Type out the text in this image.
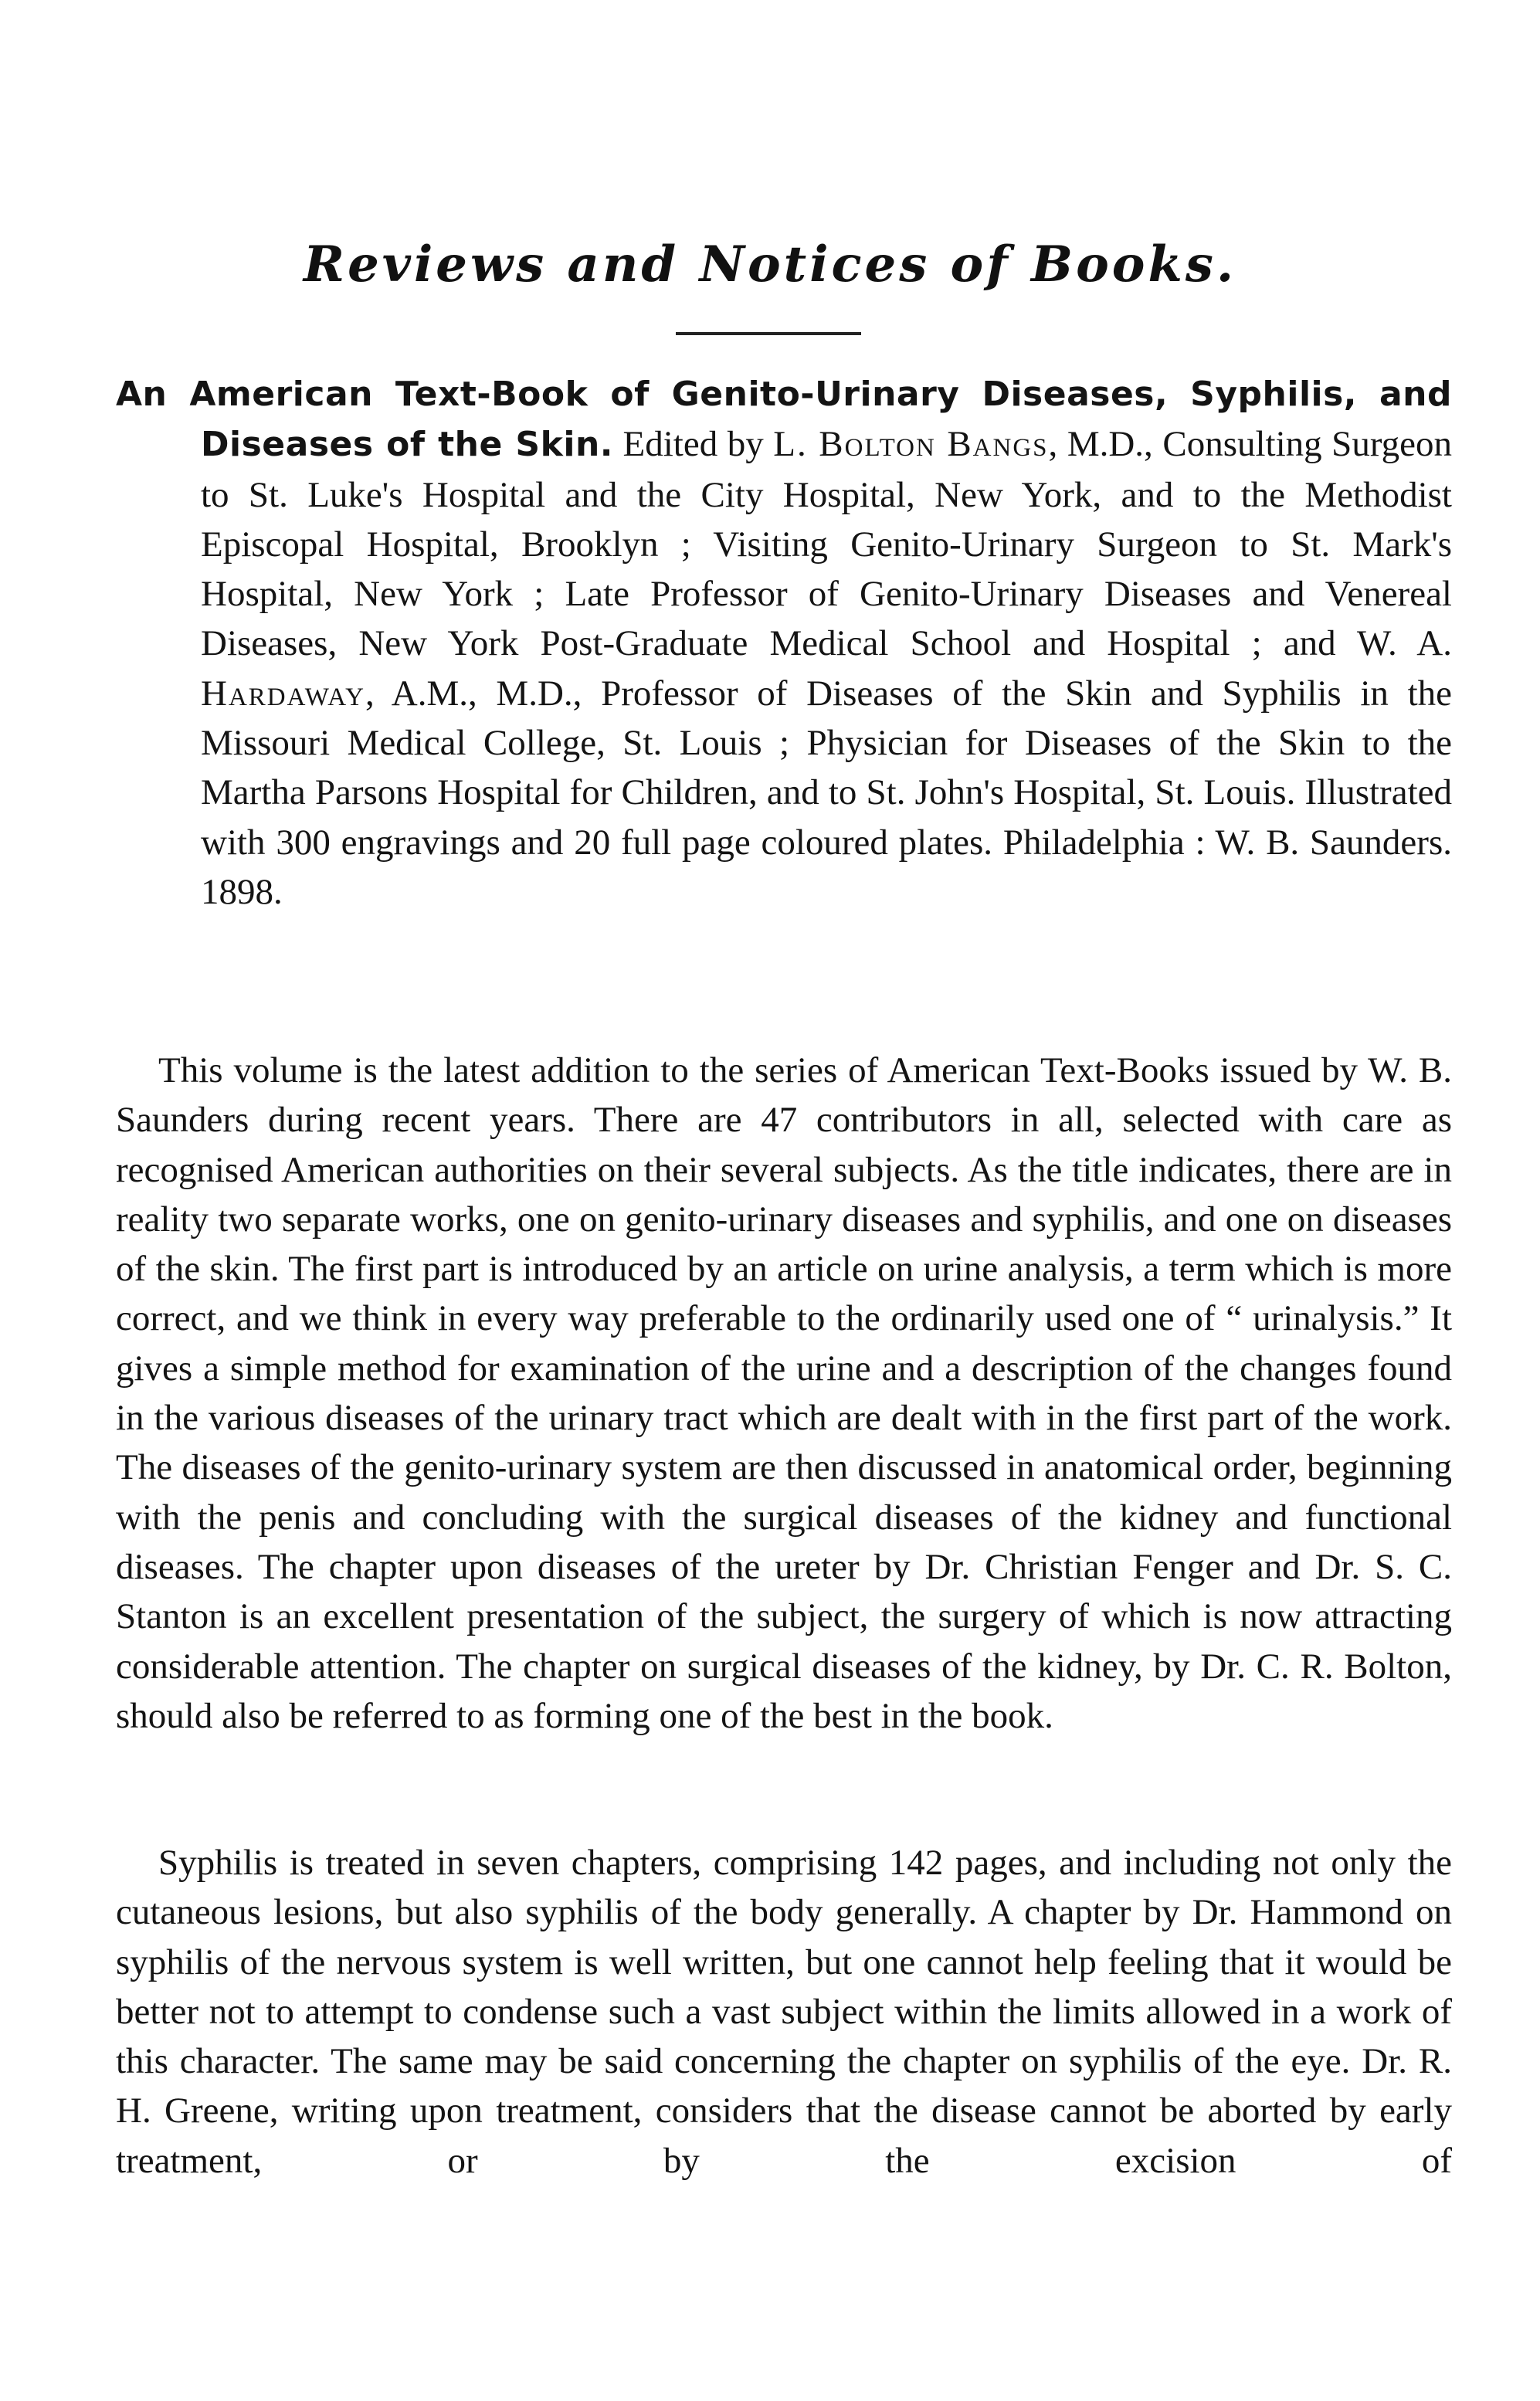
Reviews and Notices of Books.

An American Text-Book of Genito-Urinary Diseases, Syphilis, and Diseases of the Skin. Edited by L. Bolton Bangs, M.D., Consulting Surgeon to St. Luke's Hospital and the City Hospital, New York, and to the Methodist Episcopal Hospital, Brooklyn ; Visiting Genito-Urinary Surgeon to St. Mark's Hospital, New York ; Late Professor of Genito-Urinary Diseases and Venereal Diseases, New York Post-Graduate Medical School and Hospital ; and W. A. Hardaway, A.M., M.D., Professor of Diseases of the Skin and Syphilis in the Missouri Medical College, St. Louis ; Physician for Diseases of the Skin to the Martha Parsons Hospital for Children, and to St. John's Hospital, St. Louis. Illustrated with 300 engravings and 20 full page coloured plates. Philadelphia : W. B. Saunders. 1898.

This volume is the latest addition to the series of American Text-Books issued by W. B. Saunders during recent years. There are 47 contributors in all, selected with care as recognised American authorities on their several subjects. As the title indicates, there are in reality two separate works, one on genito-urinary diseases and syphilis, and one on diseases of the skin. The first part is introduced by an article on urine analysis, a term which is more correct, and we think in every way preferable to the ordinarily used one of “ urinalysis.” It gives a simple method for examination of the urine and a description of the changes found in the various diseases of the urinary tract which are dealt with in the first part of the work. The diseases of the genito-urinary system are then discussed in anatomical order, beginning with the penis and concluding with the surgical diseases of the kidney and functional diseases. The chapter upon diseases of the ureter by Dr. Christian Fenger and Dr. S. C. Stanton is an excellent presentation of the subject, the surgery of which is now attracting considerable attention. The chapter on surgical diseases of the kidney, by Dr. C. R. Bolton, should also be referred to as forming one of the best in the book.

Syphilis is treated in seven chapters, comprising 142 pages, and including not only the cutaneous lesions, but also syphilis of the body generally. A chapter by Dr. Hammond on syphilis of the nervous system is well written, but one cannot help feeling that it would be better not to attempt to condense such a vast subject within the limits allowed in a work of this character. The same may be said concerning the chapter on syphilis of the eye. Dr. R. H. Greene, writing upon treatment, considers that the disease cannot be aborted by early treatment, or by the excision of
